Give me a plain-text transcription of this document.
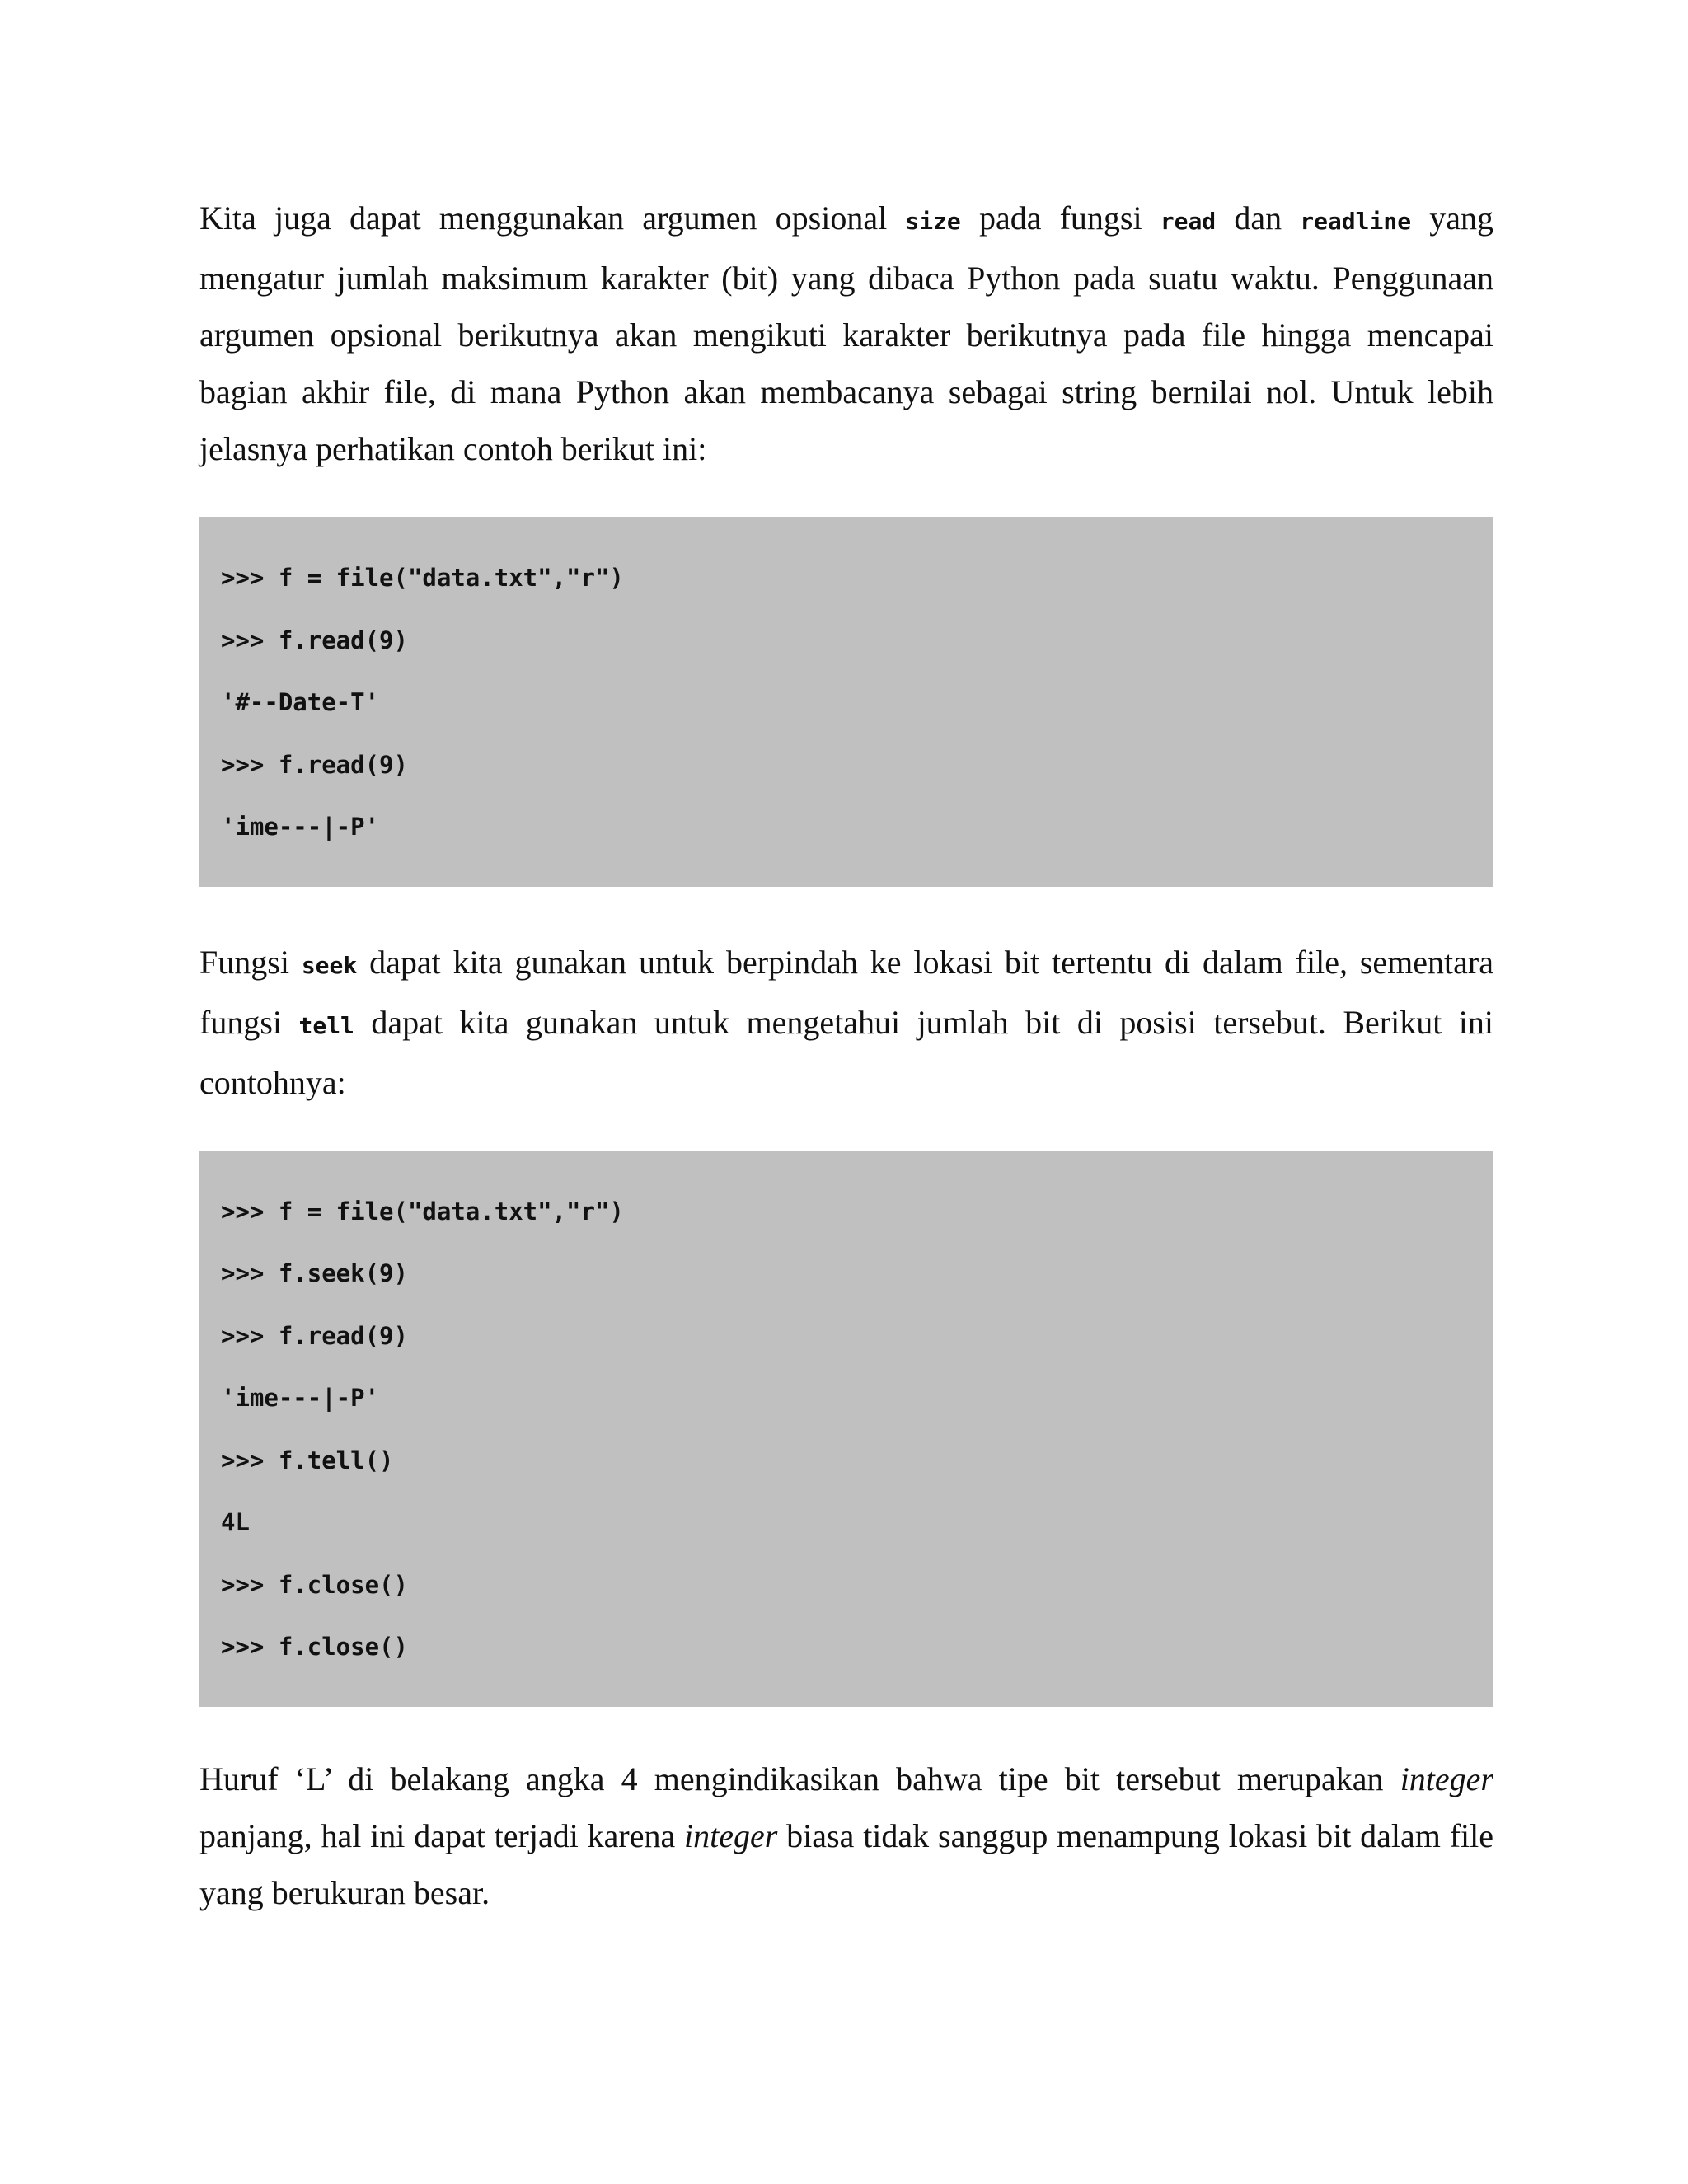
Kita juga dapat menggunakan argumen opsional size pada fungsi read dan readline yang mengatur jumlah maksimum karakter (bit) yang dibaca Python pada suatu waktu. Penggunaan argumen opsional berikutnya akan mengikuti karakter berikutnya pada file hingga mencapai bagian akhir file, di mana Python akan membacanya sebagai string bernilai nol. Untuk lebih jelasnya perhatikan contoh berikut ini:

>>> f = file("data.txt","r")
>>> f.read(9)
'#--Date-T'
>>> f.read(9)
'ime---|-P'

Fungsi seek dapat kita gunakan untuk berpindah ke lokasi bit tertentu di dalam file, sementara fungsi tell dapat kita gunakan untuk mengetahui jumlah bit di posisi tersebut. Berikut ini contohnya:

>>> f = file("data.txt","r")
>>> f.seek(9)
>>> f.read(9)
'ime---|-P'
>>> f.tell()
4L
>>> f.close()
>>> f.close()

Huruf ‘L’ di belakang angka 4 mengindikasikan bahwa tipe bit tersebut merupakan integer panjang, hal ini dapat terjadi karena integer biasa tidak sanggup menampung lokasi bit dalam file yang berukuran besar.
